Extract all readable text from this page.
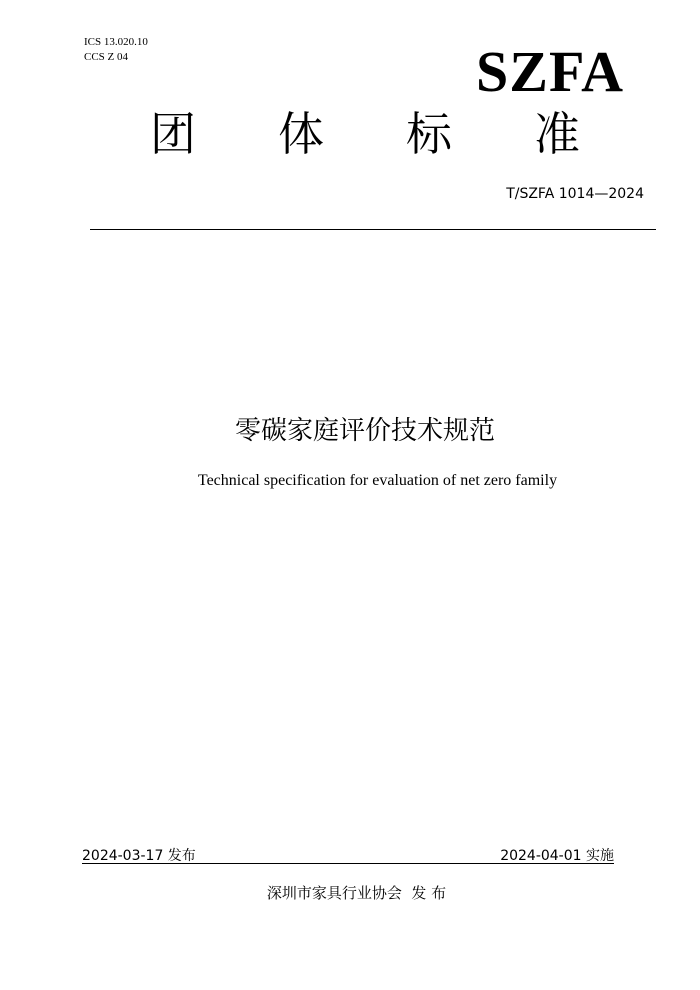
ICS 13.020.10
CCS Z 04	SZFA
团 体 标 准
T/SZFA 1014—2024
零碳家庭评价技术规范
Technical specification for evaluation of net zero family
2024-03-17 发布	2024-04-01 实施
深圳市家具行业协会  发 布
